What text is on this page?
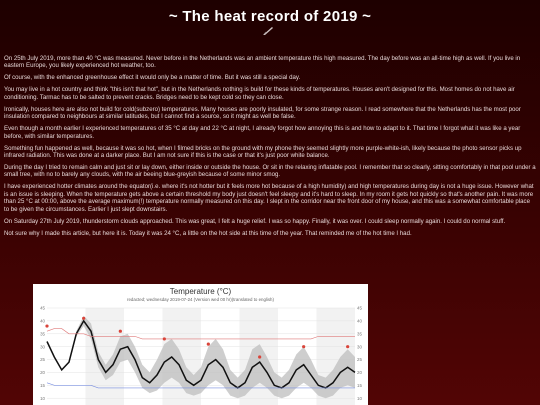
~ The heat record of 2019 ~

On 25th July 2019, more than 40 °C was measured. Never before in the Netherlands was an ambient temperature this high measured. The day before was an all-time high as well. If you live in eastern Europe, you likely experienced hot weather, too.

Of course, with the enhanced greenhouse effect it would only be a matter of time. But it was still a special day.

You may live in a hot country and think "this isn't that hot", but in the Netherlands nothing is build for these kinds of temperatures. Houses aren't designed for this. Most homes do not have air conditioning. Tarmac has to be salted to prevent cracks. Bridges need to be kept cold so they can close.

Ironically, houses here are also not build for cold(subzero) temperatures. Many houses are poorly insulated, for some strange reason. I read somewhere that the Netherlands has the most poor insulation compared to neighbours at similar latitudes, but I cannot find a source, so it might as well be false.

Even though a month earlier I experienced temperatures of 35 °C at day and 22 °C at night, I already forgot how annoying this is and how to adapt to it. That time I forgot what it was like a year before, with similar temperatures.

Something fun happened as well, because it was so hot, when I filmed bricks on the ground with my phone they seemed slightly more purple-white-ish, likely because the photo sensor picks up infrared radiation. This was done at a darker place. But I am not sure if this is the case or that it's just poor white balance.

During the day I tried to remain calm and just sit or lay down, either inside or outside the house. Or sit in the relaxing inflatable pool. I remember that so clearly, sitting comfortably in that pool under a small tree, with no to barely any clouds, with the air beeing blue-greyish because of some minor smog.

I have experienced hotter climates around the equator(i.e. where it's not hotter but it feels more hot because of a high humidity) and high temperatures during day is not a huge issue. However what is an issue is sleeping. When the temperature gets above a certain threshold my body just doesn't feel sleepy and it's hard to sleep. In my room it gets hot quickly so that's another pain. It was more than 25 °C at 00:00, above the average maximum(!) temperature normally measured on this day. I slept in the corridor near the front door of my house, and this was a somewhat comfortable place to be given the circumstances. Earlier I just slept downstairs.

On Saturday 27th July 2019, thunderstorm clouds approached. This was great, I felt a huge relief. I was so happy. Finally, it was over. I could sleep normally again. I could do normal stuff.

Not sure why I made this article, but here it is. Today it was 24 °C, a little on the hot side at this time of the year. That reminded me of the hot time I had.

Temperature (°C)
redacted; wednesday 2019-07-24 (Version wed 00 hr)(translated to english)
10	10
15	15
20	20
25	25
30	30
35	35
40	40
45	45
